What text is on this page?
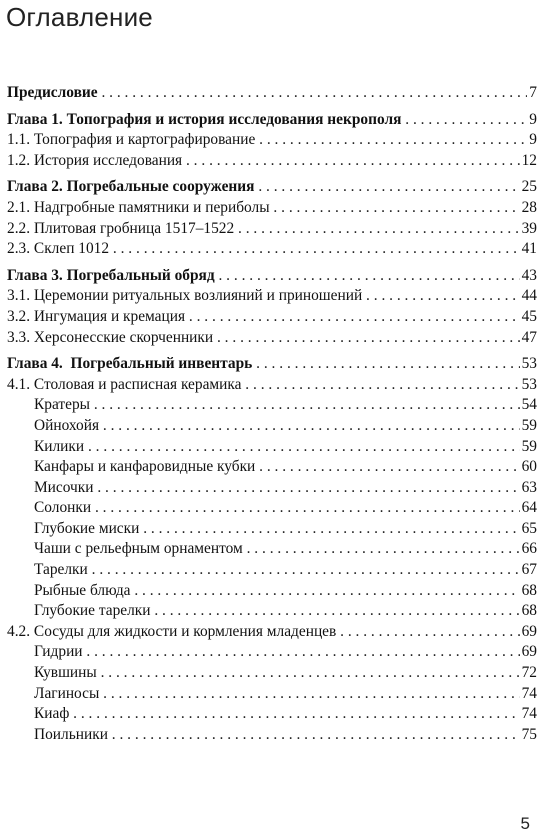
Оглавление
Предисловие . . .	7
Глава 1. Топография и история исследования некрополя . . .	9
1.1. Топография и картографирование . . .	9
1.2. История исследования . . .	12
Глава 2. Погребальные сооружения . . .	25
2.1. Надгробные памятники и периболы . . .	28
2.2. Плитовая гробница 1517–1522 . . .	39
2.3. Склеп 1012 . . .	41
Глава 3. Погребальный обряд . . .	43
3.1. Церемонии ритуальных возлияний и приношений . . .	44
3.2. Ингумация и кремация . . .	45
3.3. Херсонесские скорченники . . .	47
Глава 4.  Погребальный инвентарь . . .	53
4.1. Столовая и расписная керамика . . .	53
Кратеры . . .	54
Ойнохойя . . .	59
Килики . . .	59
Канфары и канфаровидные кубки . . .	60
Мисочки . . .	63
Солонки . . .	64
Глубокие миски . . .	65
Чаши с рельефным орнаментом . . .	66
Тарелки . . .	67
Рыбные блюда . . .	68
Глубокие тарелки . . .	68
4.2. Сосуды для жидкости и кормления младенцев . . .	69
Гидрии . . .	69
Кувшины . . .	72
Лагиносы . . .	74
Киаф . . .	74
Поильники . . .	75
5
